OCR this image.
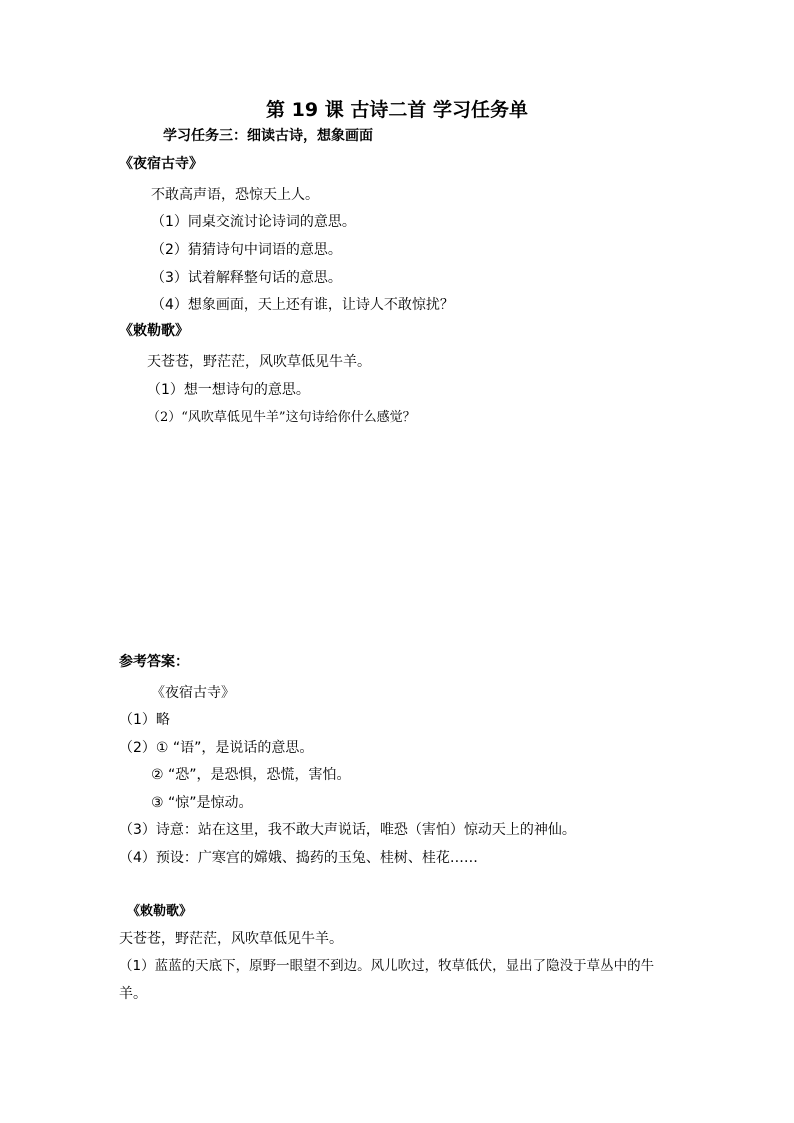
第 19 课 古诗二首 学习任务单
学习任务三：细读古诗，想象画面
《夜宿古寺》
不敢高声语，恐惊天上人。
（1）同桌交流讨论诗词的意思。
（2）猜猜诗句中词语的意思。
（3）试着解释整句话的意思。
（4）想象画面，天上还有谁，让诗人不敢惊扰？
《敕勒歌》
天苍苍，野茫茫，风吹草低见牛羊。
（1）想一想诗句的意思。
（2）“风吹草低见牛羊”这句诗给你什么感觉？
参考答案：
《夜宿古寺》
（1）略
（2）① “语”，是说话的意思。
② “恐”，是恐惧，恐慌，害怕。
③ “惊”是惊动。
（3）诗意：站在这里，我不敢大声说话，唯恐（害怕）惊动天上的神仙。
（4）预设：广寒宫的嫦娥、捣药的玉兔、桂树、桂花……
《敕勒歌》
天苍苍，野茫茫，风吹草低见牛羊。
（1）蓝蓝的天底下，原野一眼望不到边。风儿吹过，牧草低伏，显出了隐没于草丛中的牛
羊。
